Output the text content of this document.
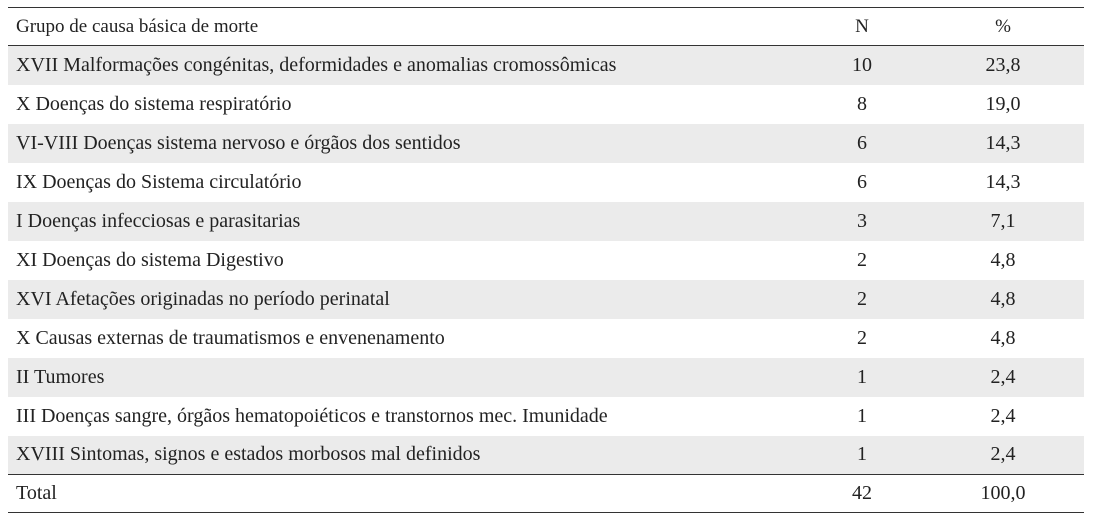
Grupo de causa básica de morte	N	%
XVII Malformações congénitas, deformidades e anomalias cromossômicas	10	23,8
X Doenças do sistema respiratório	8	19,0
VI-VIII Doenças sistema nervoso e órgãos dos sentidos	6	14,3
IX Doenças do Sistema circulatório	6	14,3
I Doenças infecciosas e parasitarias	3	7,1
XI Doenças do sistema Digestivo	2	4,8
XVI Afetações originadas no período perinatal	2	4,8
X Causas externas de traumatismos e envenenamento	2	4,8
II Tumores	1	2,4
III Doenças sangre, órgãos hematopoiéticos e transtornos mec. Imunidade	1	2,4
XVIII Sintomas, signos e estados morbosos mal definidos	1	2,4
Total	42	100,0
